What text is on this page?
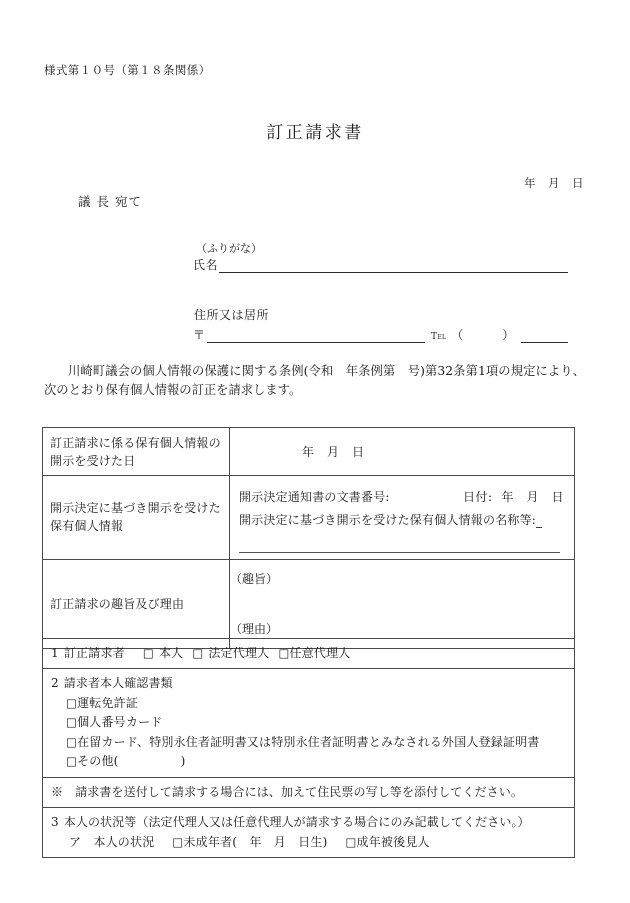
様式第１０号（第１８条関係）
訂正請求書
年　月　日
議 長 宛て
（ふりがな）
氏名
住所又は居所
〒	Tel （　　）
川崎町議会の個人情報の保護に関する条例(令和　年条例第　号)第32条第1項の規定により、次のとおり保有個人情報の訂正を請求します。
訂正請求に係る保有個人情報の開示を受けた日	年　月　日

開示決定に基づき開示を受けた保有個人情報	開示決定通知書の文書番号: 日付: 年　月　日
開示決定に基づき開示を受けた保有個人情報の名称等:

訂正請求の趣旨及び理由	（趣旨）
（理由）
1 訂正請求者 □ 本人 □ 法定代理人 □任意代理人

2 請求者本人確認書類
□運転免許証
□個人番号カード
□在留カード、特別永住者証明書又は特別永住者証明書とみなされる外国人登録証明書
□その他(	)

※　請求書を送付して請求する場合には、加えて住民票の写し等を添付してください。

3 本人の状況等（法定代理人又は任意代理人が請求する場合にのみ記載してください。）
ア　本人の状況 □未成年者(　年　月　日生) □成年被後見人
